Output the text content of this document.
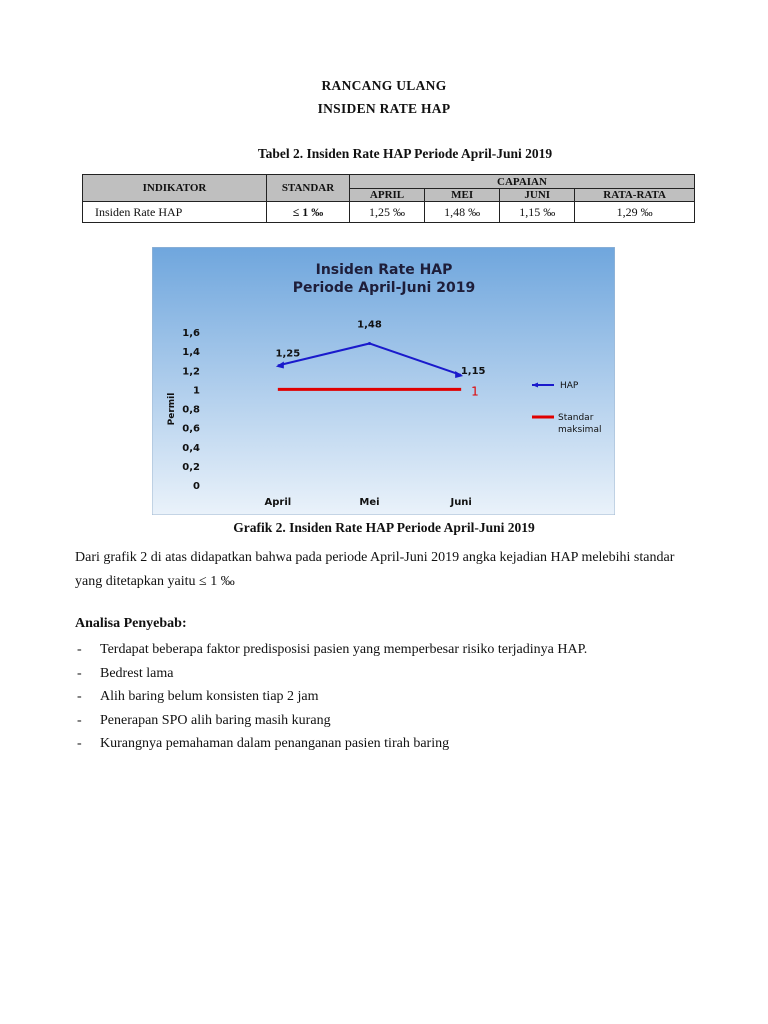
RANCANG ULANG
INSIDEN RATE HAP
Tabel 2. Insiden Rate HAP Periode April-Juni 2019
INDIKATOR	STANDAR	CAPAIAN			
		APRIL	MEI	JUNI	RATA-RATA
Insiden Rate HAP	≤ 1 ‰	1,25 ‰	1,48 ‰	1,15 ‰	1,29 ‰
Insiden Rate HAP
Periode April-Juni 2019
Permil
0
0,2
0,4
0,6
0,8
1
1,2
1,4
1,6
April	Mei	Juni
1
1,25
1,48
1,15
HAP
Standar
maksimal
Grafik 2. Insiden Rate HAP Periode April-Juni 2019
Dari grafik 2 di atas didapatkan bahwa pada periode April-Juni 2019 angka kejadian HAP melebihi standar yang ditetapkan yaitu ≤ 1 ‰
Analisa Penyebab:
- Terdapat beberapa faktor predisposisi pasien yang memperbesar risiko terjadinya HAP.
- Bedrest lama
- Alih baring belum konsisten tiap 2 jam
- Penerapan SPO alih baring masih kurang
- Kurangnya pemahaman dalam penanganan pasien tirah baring
